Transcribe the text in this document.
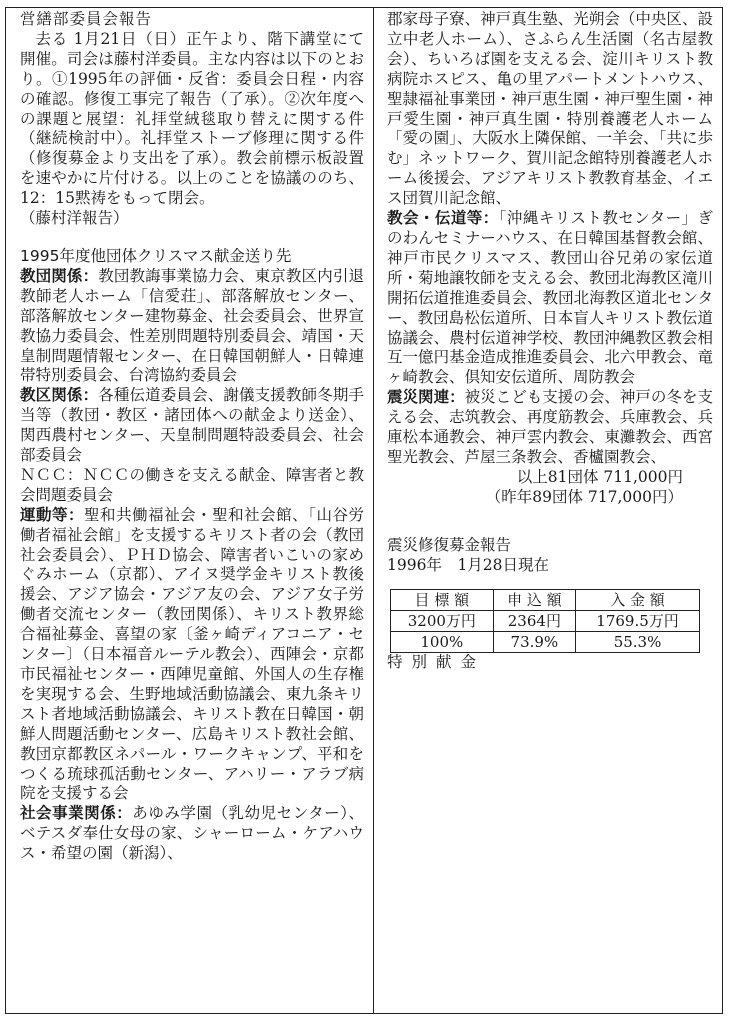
営繕部委員会報告

去る 1月21日（日）正午より、階下講堂にて開催。司会は藤村洋委員。主な内容は以下のとおり。①1995年の評価・反省：委員会日程・内容の確認。修復工事完了報告（了承）。②次年度への課題と展望：礼拝堂絨毯取り替えに関する件（継続検討中）。礼拝堂ストーブ修理に関する件（修復募金より支出を了承）。教会前標示板設置を速やかに片付ける。以上のことを協議ののち、12：15黙祷をもって閉会。

（藤村洋報告）

1995年度他団体クリスマス献金送り先

教団関係：教団教誨事業協力会、東京教区内引退教師老人ホーム「信愛荘」、部落解放センター、部落解放センター建物募金、社会委員会、世界宣教協力委員会、性差別問題特別委員会、靖国・天皇制問題情報センター、在日韓国朝鮮人・日韓連帯特別委員会、台湾協約委員会

教区関係：各種伝道委員会、謝儀支援教師冬期手当等（教団・教区・諸団体への献金より送金）、関西農村センター、天皇制問題特設委員会、社会部委員会

ＮＣＣ：ＮＣＣの働きを支える献金、障害者と教会問題委員会

運動等：聖和共働福祉会・聖和社会館、「山谷労働者福祉会館」を支援するキリスト者の会（教団社会委員会）、ＰＨＤ協会、障害者いこいの家めぐみホーム（京都）、アイヌ奨学金キリスト教後援会、アジア協会・アジア友の会、アジア女子労働者交流センター（教団関係）、キリスト教界総合福祉募金、喜望の家〔釜ヶ崎ディアコニア・センター〕（日本福音ルーテル教会）、西陣会・京都市民福祉センター・西陣児童館、外国人の生存権を実現する会、生野地域活動協議会、東九条キリスト者地域活動協議会、キリスト教在日韓国・朝鮮人問題活動センター、広島キリスト教社会館、教団京都教区ネパール・ワークキャンプ、平和をつくる琉球孤活動センター、アハリー・アラブ病院を支援する会

社会事業関係：あゆみ学園（乳幼児センター）、ベテスダ奉仕女母の家、シャーローム・ケアハウス・希望の園（新潟）、

郡家母子寮、神戸真生塾、光朔会（中央区、設立中老人ホーム）、さふらん生活園（名古屋教会）、ちいろば園を支える会、淀川キリスト教病院ホスピス、亀の里アパートメントハウス、聖隷福祉事業団・神戸恵生園・神戸聖生園・神戸愛生園・神戸真生園・特別養護老人ホーム「愛の園」、大阪水上隣保館、一羊会、「共に歩む」ネットワーク、賀川記念館特別養護老人ホーム後援会、アジアキリスト教教育基金、イエス団賀川記念館、

教会・伝道等：「沖縄キリスト教センター」ぎのわんセミナーハウス、在日韓国基督教会館、神戸市民クリスマス、教団山谷兄弟の家伝道所・菊地譲牧師を支える会、教団北海教区滝川開拓伝道推進委員会、教団北海教区道北センター、教団島松伝道所、日本盲人キリスト教伝道協議会、農村伝道神学校、教団沖縄教区教会相互一億円基金造成推進委員会、北六甲教会、竜ヶ崎教会、倶知安伝道所、周防教会

震災関連：被災こども支援の会、神戸の冬を支える会、志筑教会、再度筋教会、兵庫教会、兵庫松本通教会、神戸雲内教会、東灘教会、西宮聖光教会、芦屋三条教会、香櫨園教会、

以上81団体 711,000円

（昨年89団体 717,000円）

震災修復募金報告

1996年　1月28日現在

目 標 額	申 込 額	入 金 額
3200万円	2364円	1769.5万円
100%	73.9%	55.3%

特別献金
